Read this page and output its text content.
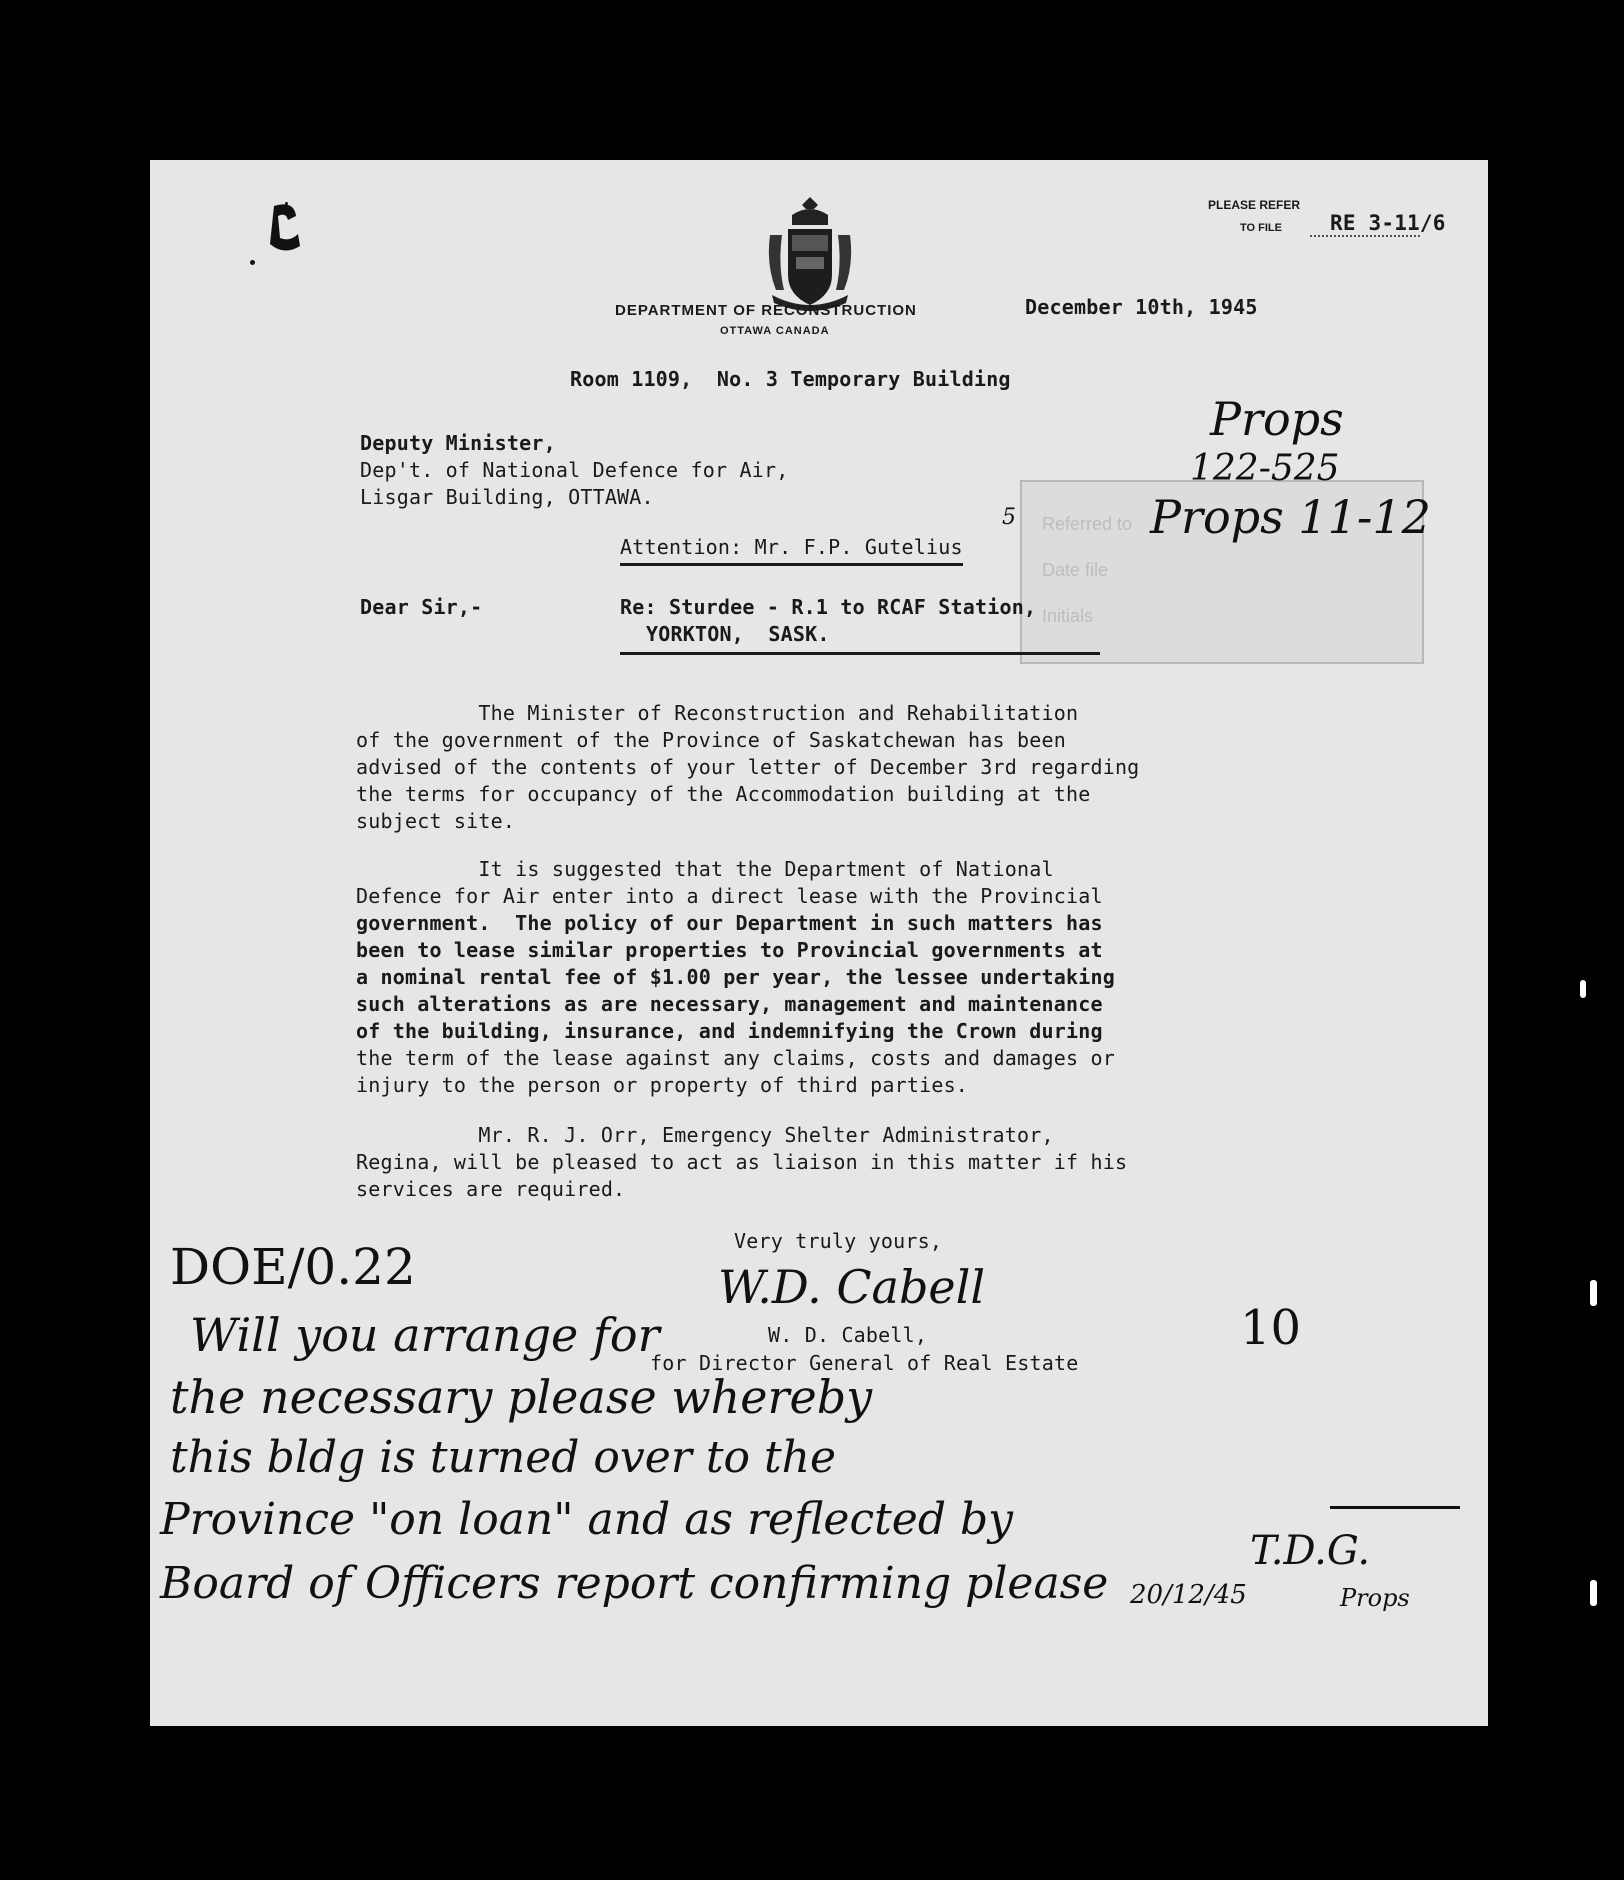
PLEASE REFER
TO FILE RE 3-11/6
DEPARTMENT OF RECONSTRUCTION
OTTAWA CANADA
December 10th, 1945
Room 1109,  No. 3 Temporary Building
Referred to
Date file
Initials
Props
122-525
Props 11-12
5
Deputy Minister,
Dep't. of National Defence for Air,
Lisgar Building, OTTAWA.
Attention: Mr. F.P. Gutelius
Dear Sir,-	Re: Sturdee - R.1 to RCAF Station,
YORKTON,  SASK.
The Minister of Reconstruction and Rehabilitation
of the government of the Province of Saskatchewan has been
advised of the contents of your letter of December 3rd regarding
the terms for occupancy of the Accommodation building at the
subject site.
It is suggested that the Department of National
Defence for Air enter into a direct lease with the Provincial
government.  The policy of our Department in such matters has
been to lease similar properties to Provincial governments at
a nominal rental fee of $1.00 per year, the lessee undertaking
such alterations as are necessary, management and maintenance
of the building, insurance, and indemnifying the Crown during
the term of the lease against any claims, costs and damages or
injury to the person or property of third parties.
Mr. R. J. Orr, Emergency Shelter Administrator,
Regina, will be pleased to act as liaison in this matter if his
services are required.
Very truly yours,
W.D. Cabell
DOE/0.22
W. D. Cabell,
for Director General of Real Estate
Will you arrange for
the necessary please whereby
this bldg is turned over to the
Province "on loan" and as reflected by
Board of Officers report confirming please
10
T.D.G.
20/12/45	Props
